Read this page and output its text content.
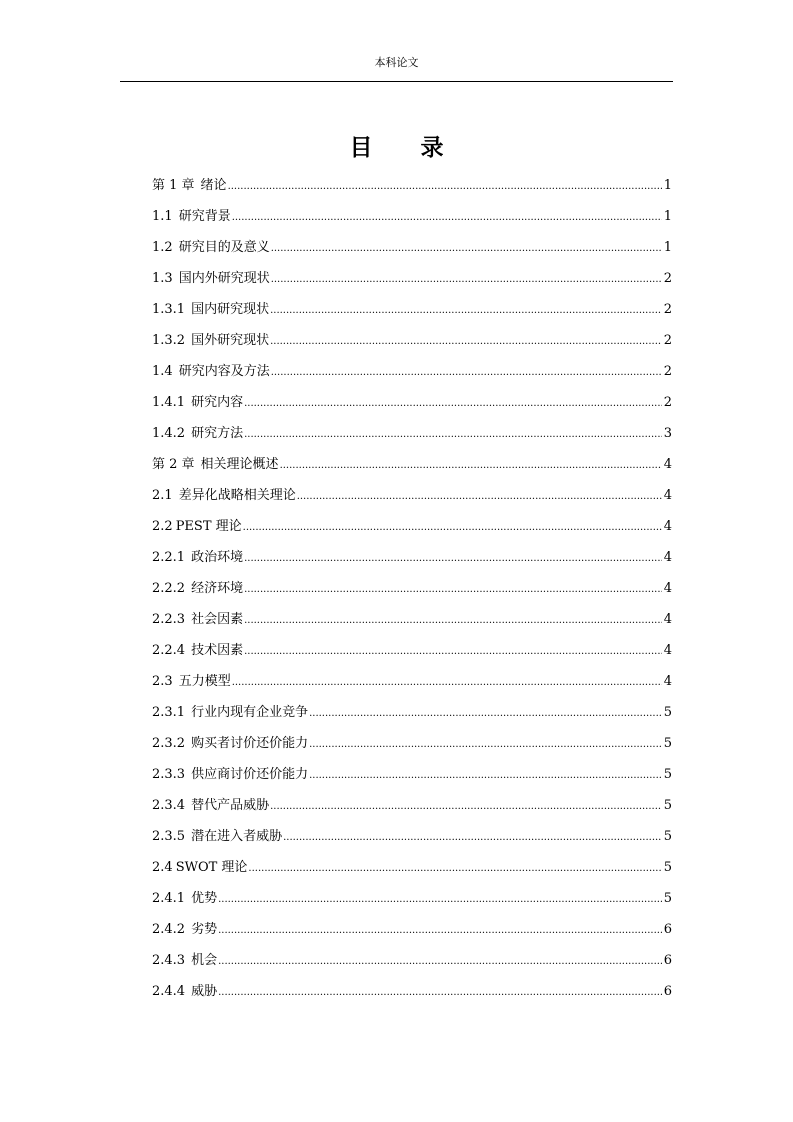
本科论文
目 录
第 1 章 绪论 .....	1
1.1 研究背景 .....	1
1.2 研究目的及意义 .....	1
1.3 国内外研究现状 .....	2
1.3.1 国内研究现状 .....	2
1.3.2 国外研究现状 .....	2
1.4 研究内容及方法 .....	2
1.4.1 研究内容 .....	2
1.4.2 研究方法 .....	3
第 2 章 相关理论概述 .....	4
2.1 差异化战略相关理论 .....	4
2.2 PEST 理论 .....	4
2.2.1 政治环境 .....	4
2.2.2 经济环境 .....	4
2.2.3 社会因素 .....	4
2.2.4 技术因素 .....	4
2.3 五力模型 .....	4
2.3.1 行业内现有企业竞争 .....	5
2.3.2 购买者讨价还价能力 .....	5
2.3.3 供应商讨价还价能力 .....	5
2.3.4 替代产品威胁 .....	5
2.3.5 潜在进入者威胁 .....	5
2.4 SWOT 理论 .....	5
2.4.1 优势 .....	5
2.4.2 劣势 .....	6
2.4.3 机会 .....	6
2.4.4 威胁 .....	6
